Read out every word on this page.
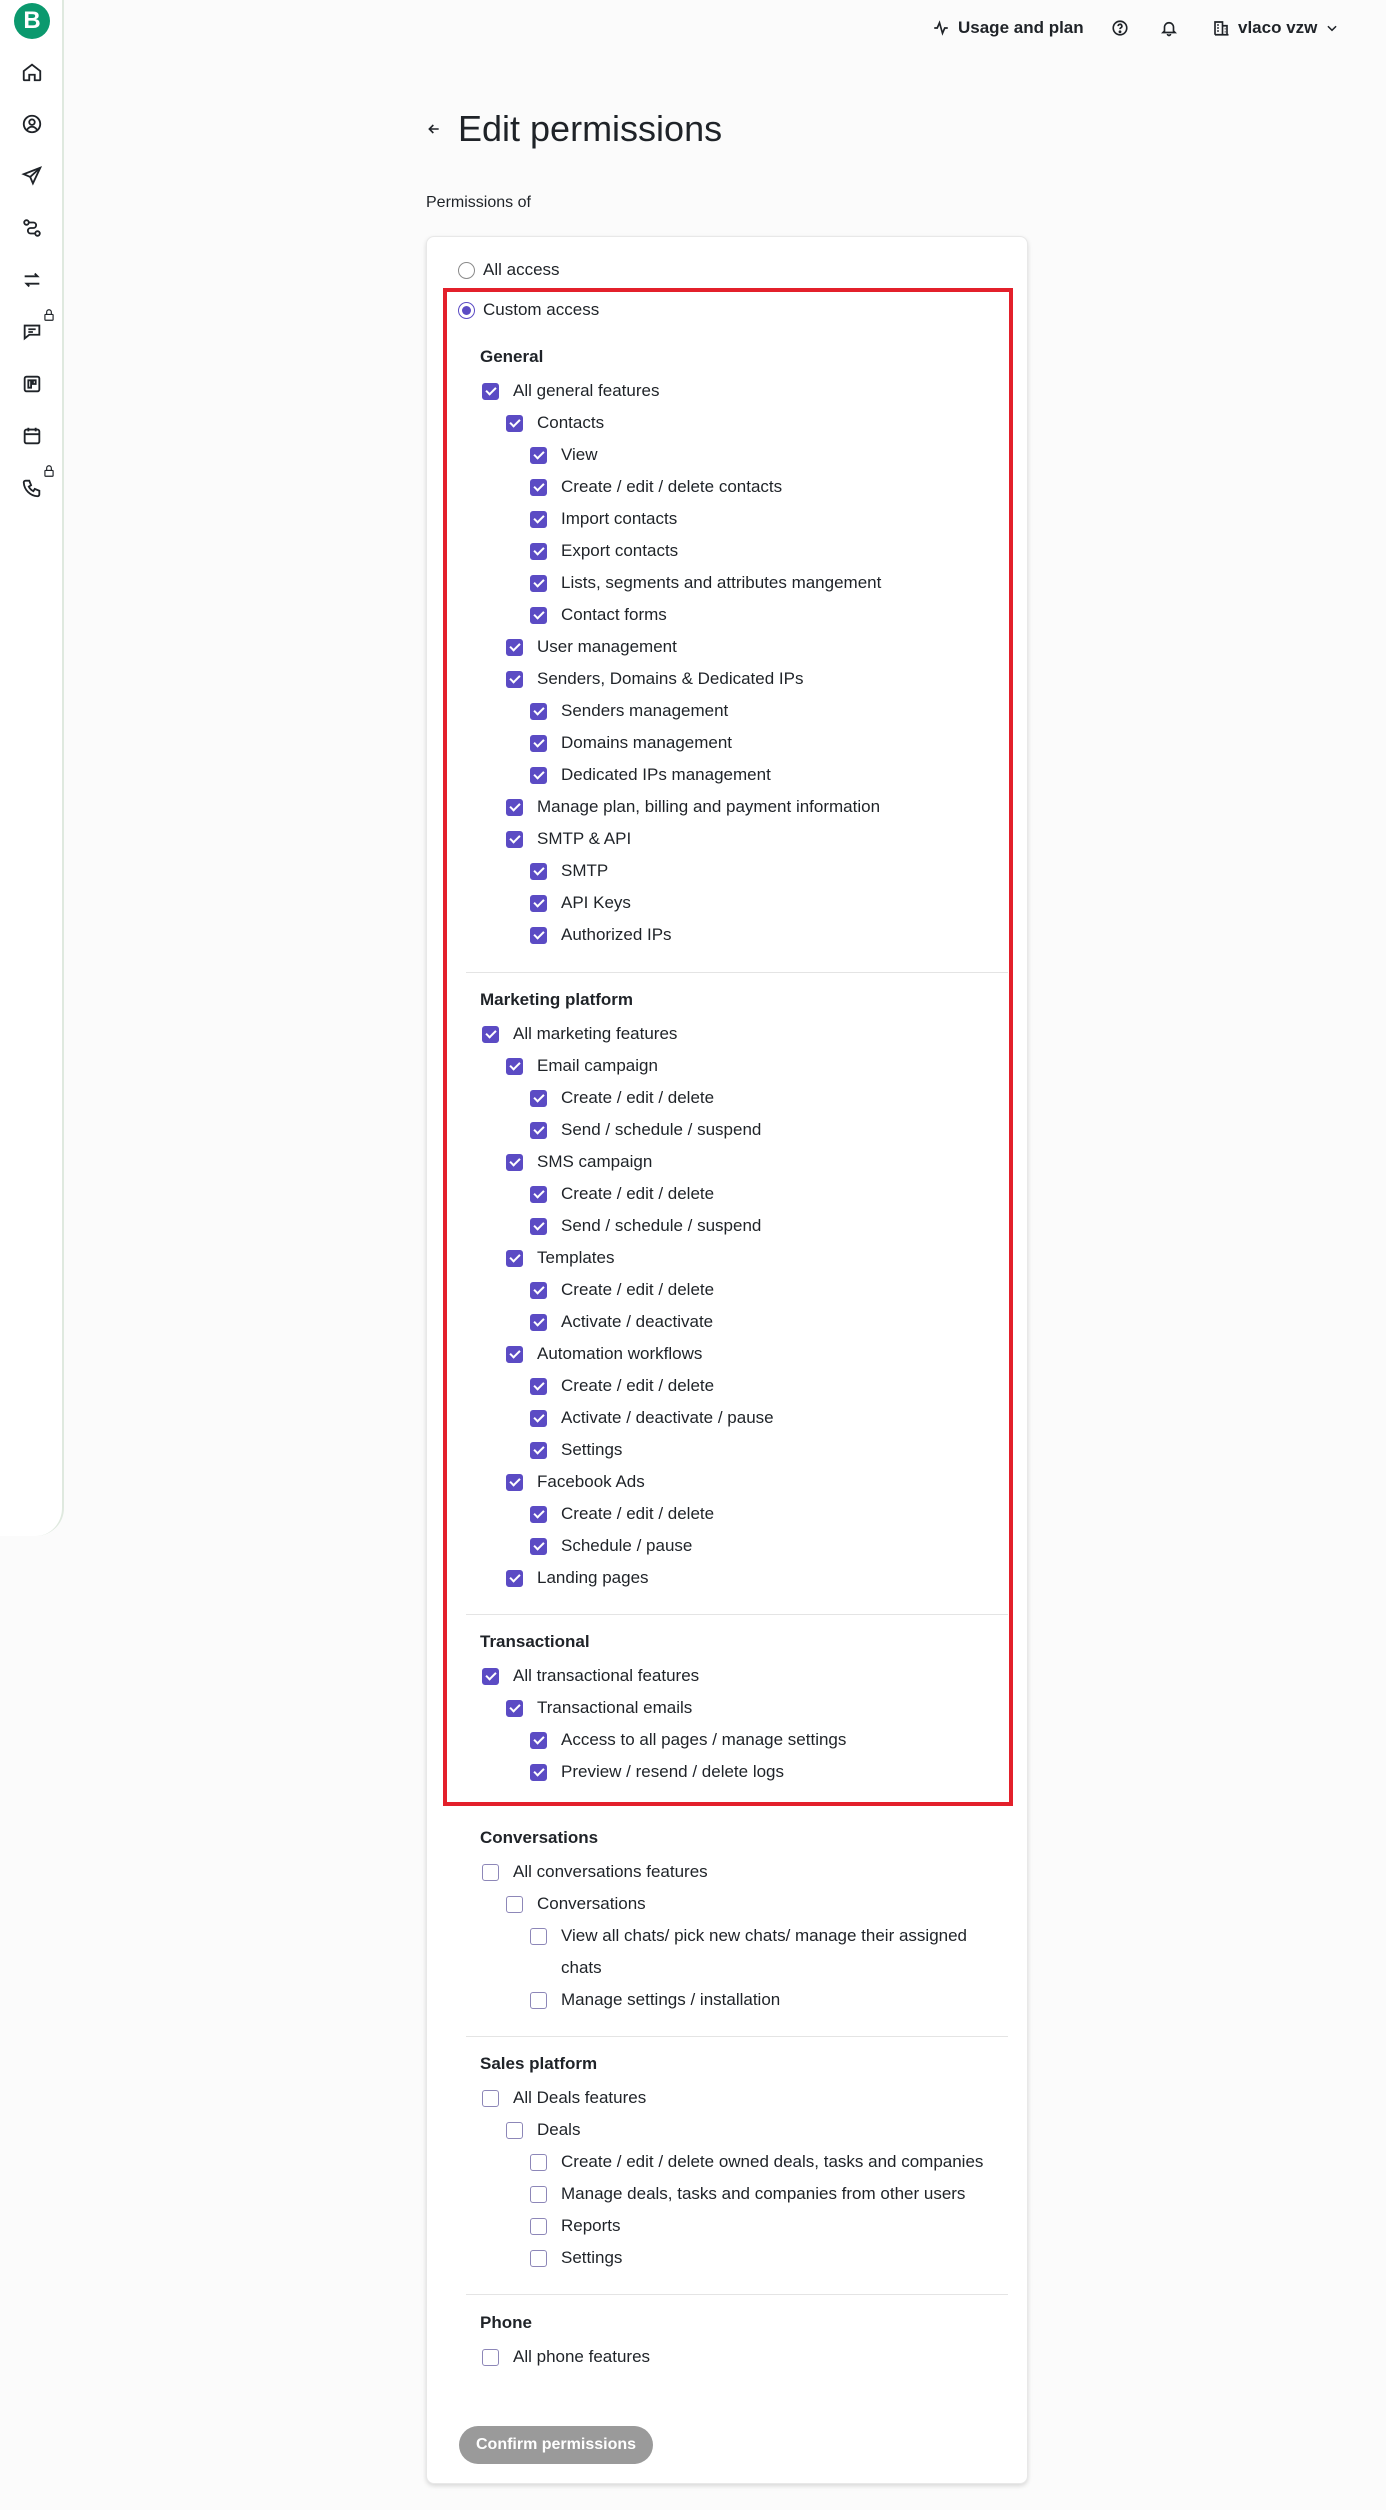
B	Usage and plan	vlaco vzw
Edit permissions
Permissions of
All access
Custom access
General
All general features
Contacts
View
Create / edit / delete contacts
Import contacts
Export contacts
Lists, segments and attributes mangement
Contact forms
User management
Senders, Domains & Dedicated IPs
Senders management
Domains management
Dedicated IPs management
Manage plan, billing and payment information
SMTP & API
SMTP
API Keys
Authorized IPs
Marketing platform
All marketing features
Email campaign
Create / edit / delete
Send / schedule / suspend
SMS campaign
Create / edit / delete
Send / schedule / suspend
Templates
Create / edit / delete
Activate / deactivate
Automation workflows
Create / edit / delete
Activate / deactivate / pause
Settings
Facebook Ads
Create / edit / delete
Schedule / pause
Landing pages
Transactional
All transactional features
Transactional emails
Access to all pages / manage settings
Preview / resend / delete logs
Conversations
All conversations features
Conversations
View all chats/ pick new chats/ manage their assigned chats
Manage settings / installation
Sales platform
All Deals features
Deals
Create / edit / delete owned deals, tasks and companies
Manage deals, tasks and companies from other users
Reports
Settings
Phone
All phone features
Confirm permissions
